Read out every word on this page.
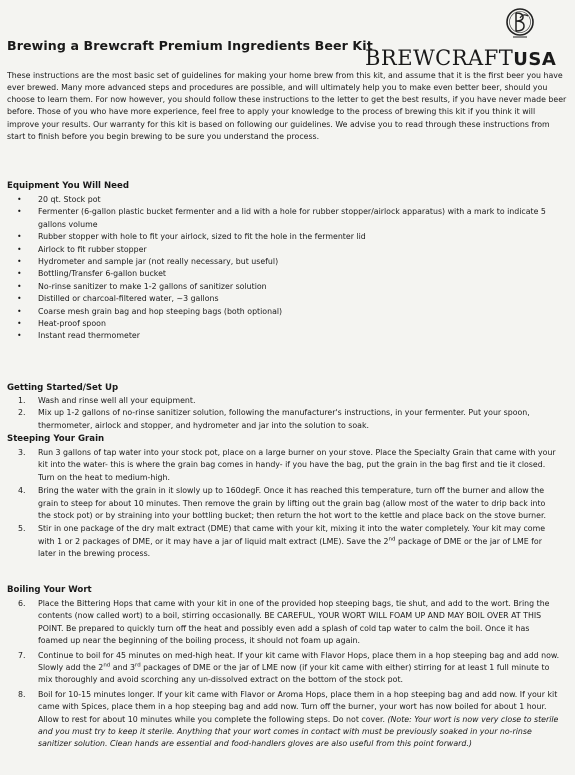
Brewing a Brewcraft Premium Ingredients Beer Kit
BREWCRAFTUSA

These instructions are the most basic set of guidelines for making your home brew from this kit, and assume that it is the first beer you have ever brewed. Many more advanced steps and procedures are possible, and will ultimately help you to make even better beer, should you choose to learn them. For now however, you should follow these instructions to the letter to get the best results, if you have never made beer before. Those of you who have more experience, feel free to apply your knowledge to the process of brewing this kit if you think it will improve your results. Our warranty for this kit is based on following our guidelines. We advise you to read through these instructions from start to finish before you begin brewing to be sure you understand the process.

Equipment You Will Need
• 20 qt. Stock pot
• Fermenter (6-gallon plastic bucket fermenter and a lid with a hole for rubber stopper/airlock apparatus) with a mark to indicate 5 gallons volume
• Rubber stopper with hole to fit your airlock, sized to fit the hole in the fermenter lid
• Airlock to fit rubber stopper
• Hydrometer and sample jar (not really necessary, but useful)
• Bottling/Transfer 6-gallon bucket
• No-rinse sanitizer to make 1-2 gallons of sanitizer solution
• Distilled or charcoal-filtered water, ~3 gallons
• Coarse mesh grain bag and hop steeping bags (both optional)
• Heat-proof spoon
• Instant read thermometer
Getting Started/Set Up
1. Wash and rinse well all your equipment.
2. Mix up 1-2 gallons of no-rinse sanitizer solution, following the manufacturer's instructions, in your fermenter. Put your spoon, thermometer, airlock and stopper, and hydrometer and jar into the solution to soak.
Steeping Your Grain
3. Run 3 gallons of tap water into your stock pot, place on a large burner on your stove. Place the Specialty Grain that came with your kit into the water- this is where the grain bag comes in handy- if you have the bag, put the grain in the bag first and tie it closed. Turn on the heat to medium-high.
4. Bring the water with the grain in it slowly up to 160degF. Once it has reached this temperature, turn off the burner and allow the grain to steep for about 10 minutes. Then remove the grain by lifting out the grain bag (allow most of the water to drip back into the stock pot) or by straining into your bottling bucket; then return the hot wort to the kettle and place back on the stove burner.
5. Stir in one package of the dry malt extract (DME) that came with your kit, mixing it into the water completely. Your kit may come with 1 or 2 packages of DME, or it may have a jar of liquid malt extract (LME). Save the 2nd package of DME or the jar of LME for later in the brewing process.
Boiling Your Wort
6. Place the Bittering Hops that came with your kit in one of the provided hop steeping bags, tie shut, and add to the wort. Bring the contents (now called wort) to a boil, stirring occasionally. BE CAREFUL, YOUR WORT WILL FOAM UP AND MAY BOIL OVER AT THIS POINT. Be prepared to quickly turn off the heat and possibly even add a splash of cold tap water to calm the boil. Once it has foamed up near the beginning of the boiling process, it should not foam up again.
7. Continue to boil for 45 minutes on med-high heat. If your kit came with Flavor Hops, place them in a hop steeping bag and add now. Slowly add the 2nd and 3rd packages of DME or the jar of LME now (if your kit came with either) stirring for at least 1 full minute to mix thoroughly and avoid scorching any un-dissolved extract on the bottom of the stock pot.
8. Boil for 10-15 minutes longer. If your kit came with Flavor or Aroma Hops, place them in a hop steeping bag and add now. If your kit came with Spices, place them in a hop steeping bag and add now. Turn off the burner, your wort has now boiled for about 1 hour. Allow to rest for about 10 minutes while you complete the following steps. Do not cover. (Note: Your wort is now very close to sterile and you must try to keep it sterile. Anything that your wort comes in contact with must be previously soaked in your no-rinse sanitizer solution. Clean hands are essential and food-handlers gloves are also useful from this point forward.)
